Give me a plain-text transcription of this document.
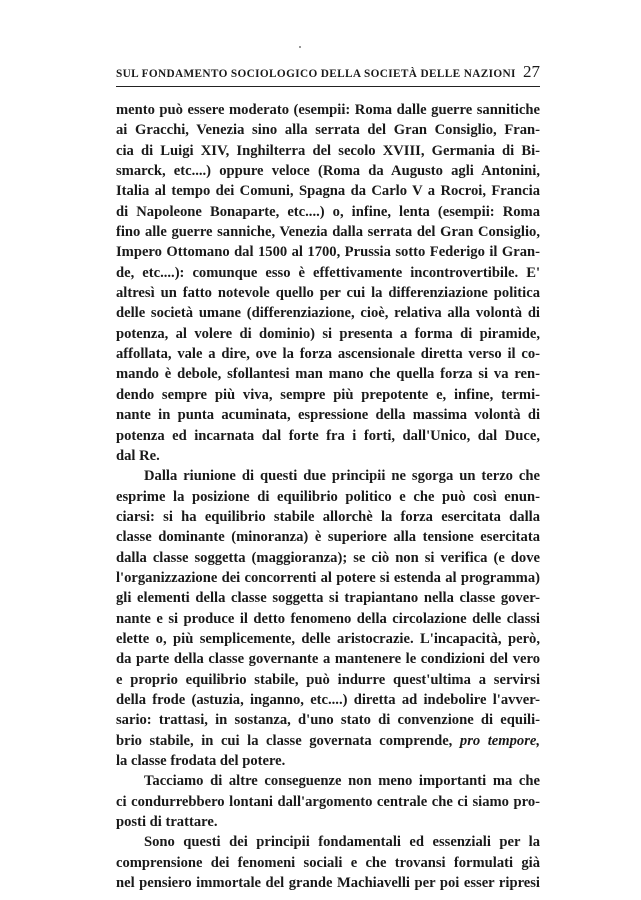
SUL FONDAMENTO SOCIOLOGICO DELLA SOCIETÀ DELLE NAZIONI 27
mento può essere moderato (esempii: Roma dalle guerre sannitiche
ai Gracchi, Venezia sino alla serrata del Gran Consiglio, Fran-
cia di Luigi XIV, Inghilterra del secolo XVIII, Germania di Bi-
smarck, etc....) oppure veloce (Roma da Augusto agli Antonini,
Italia al tempo dei Comuni, Spagna da Carlo V a Rocroi, Francia
di Napoleone Bonaparte, etc....) o, infine, lenta (esempii: Roma
fino alle guerre sanniche, Venezia dalla serrata del Gran Consiglio,
Impero Ottomano dal 1500 al 1700, Prussia sotto Federigo il Gran-
de, etc....): comunque esso è effettivamente incontrovertibile. E'
altresì un fatto notevole quello per cui la differenziazione politica
delle società umane (differenziazione, cioè, relativa alla volontà di
potenza, al volere di dominio) si presenta a forma di piramide,
affollata, vale a dire, ove la forza ascensionale diretta verso il co-
mando è debole, sfollantesi man mano che quella forza si va ren-
dendo sempre più viva, sempre più prepotente e, infine, termi-
nante in punta acuminata, espressione della massima volontà di
potenza ed incarnata dal forte fra i forti, dall'Unico, dal Duce,
dal Re.
Dalla riunione di questi due principii ne sgorga un terzo che
esprime la posizione di equilibrio politico e che può così enun-
ciarsi: si ha equilibrio stabile allorchè la forza esercitata dalla
classe dominante (minoranza) è superiore alla tensione esercitata
dalla classe soggetta (maggioranza); se ciò non si verifica (e dove
l'organizzazione dei concorrenti al potere si estenda al programma)
gli elementi della classe soggetta si trapiantano nella classe gover-
nante e si produce il detto fenomeno della circolazione delle classi
elette o, più semplicemente, delle aristocrazie. L'incapacità, però,
da parte della classe governante a mantenere le condizioni del vero
e proprio equilibrio stabile, può indurre quest'ultima a servirsi
della frode (astuzia, inganno, etc....) diretta ad indebolire l'avver-
sario: trattasi, in sostanza, d'uno stato di convenzione di equili-
brio stabile, in cui la classe governata comprende, pro tempore,
la classe frodata del potere.
Tacciamo di altre conseguenze non meno importanti ma che
ci condurrebbero lontani dall'argomento centrale che ci siamo pro-
posti di trattare.
Sono questi dei principii fondamentali ed essenziali per la
comprensione dei fenomeni sociali e che trovansi formulati già
nel pensiero immortale del grande Machiavelli per poi esser ripresi
